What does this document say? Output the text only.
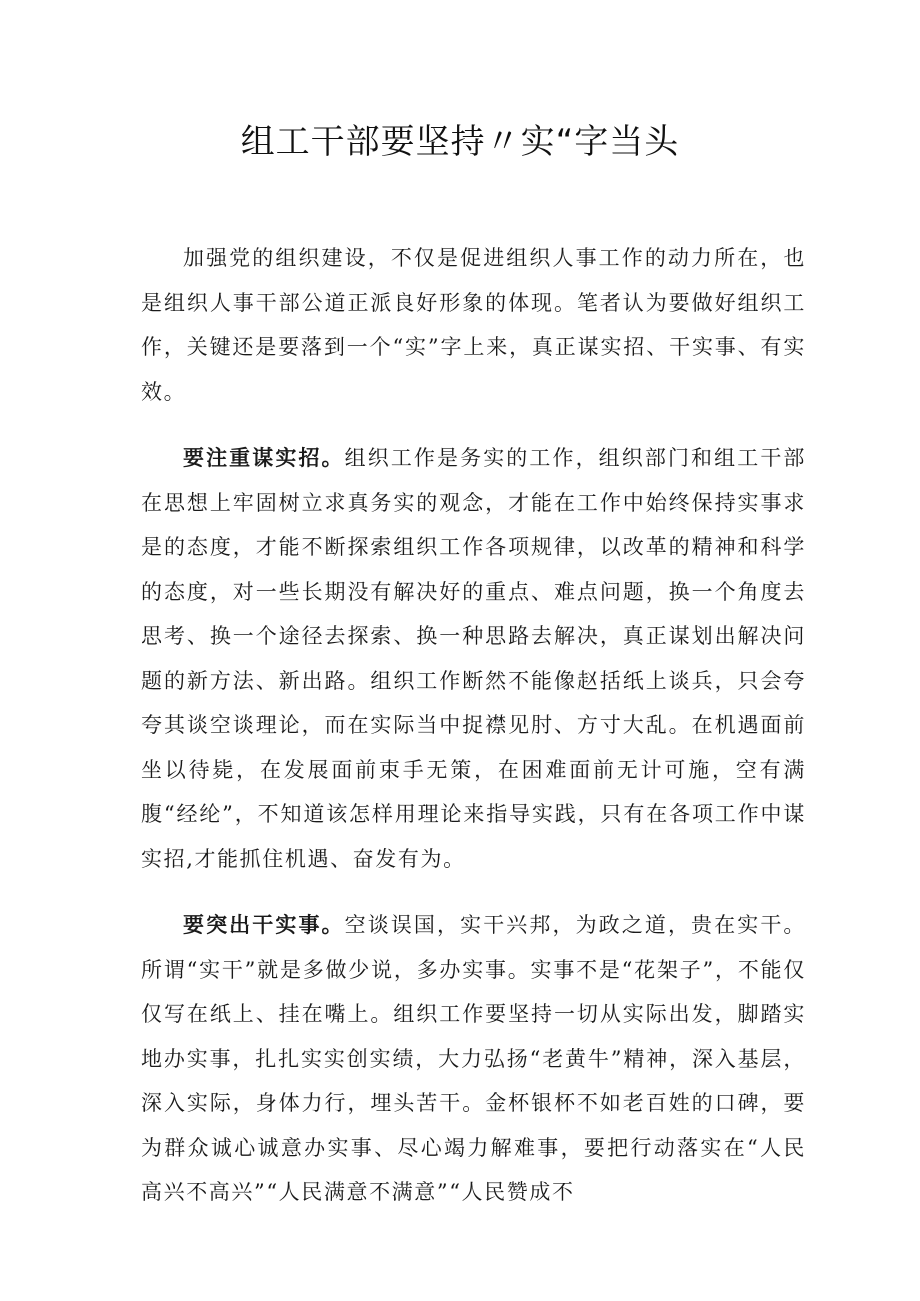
组工干部要坚持〃实“字当头

加强党的组织建设，不仅是促进组织人事工作的动力所在，也是组织人事干部公道正派良好形象的体现。笔者认为要做好组织工作，关键还是要落到一个“实”字上来，真正谋实招、干实事、有实效。

要注重谋实招。组织工作是务实的工作，组织部门和组工干部在思想上牢固树立求真务实的观念，才能在工作中始终保持实事求是的态度，才能不断探索组织工作各项规律，以改革的精神和科学的态度，对一些长期没有解决好的重点、难点问题，换一个角度去思考、换一个途径去探索、换一种思路去解决，真正谋划出解决问题的新方法、新出路。组织工作断然不能像赵括纸上谈兵，只会夸夸其谈空谈理论，而在实际当中捉襟见肘、方寸大乱。在机遇面前坐以待毙，在发展面前束手无策，在困难面前无计可施，空有满腹“经纶”，不知道该怎样用理论来指导实践，只有在各项工作中谋实招,才能抓住机遇、奋发有为。

要突出干实事。空谈误国，实干兴邦，为政之道，贵在实干。所谓“实干”就是多做少说，多办实事。实事不是“花架子”，不能仅仅写在纸上、挂在嘴上。组织工作要坚持一切从实际出发，脚踏实地办实事，扎扎实实创实绩，大力弘扬“老黄牛”精神，深入基层，深入实际，身体力行，埋头苦干。金杯银杯不如老百姓的口碑，要为群众诚心诚意办实事、尽心竭力解难事，要把行动落实在“人民高兴不高兴”“人民满意不满意”“人民赞成不
